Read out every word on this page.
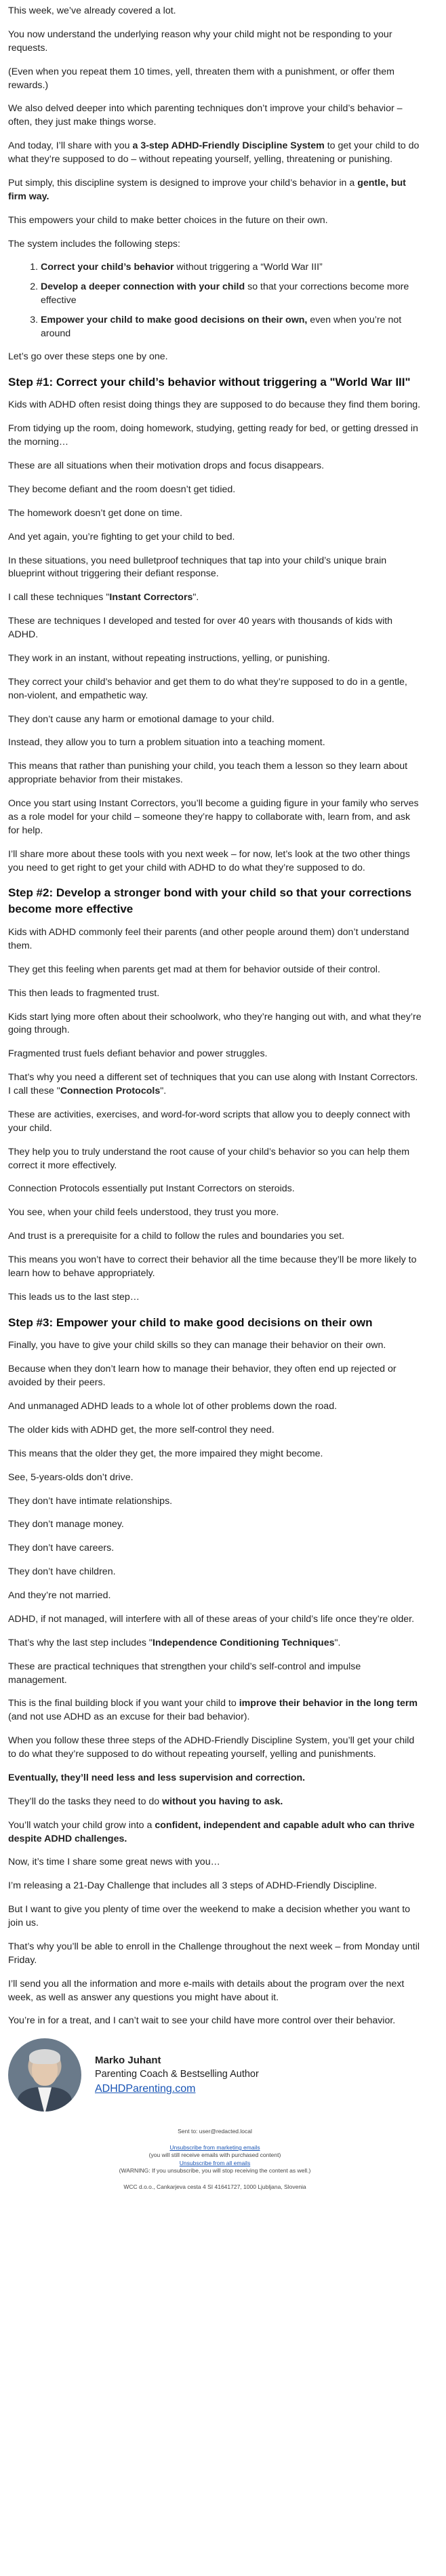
This week, we’ve already covered a lot.

You now understand the underlying reason why your child might not be responding to your requests.

(Even when you repeat them 10 times, yell, threaten them with a punishment, or offer them rewards.)

We also delved deeper into which parenting techniques don’t improve your child’s behavior – often, they just make things worse.

And today, I’ll share with you a 3-step ADHD-Friendly Discipline System to get your child to do what they’re supposed to do – without repeating yourself, yelling, threatening or punishing.

Put simply, this discipline system is designed to improve your child’s behavior in a gentle, but firm way.

This empowers your child to make better choices in the future on their own.

The system includes the following steps:

1. Correct your child’s behavior without triggering a “World War III”
2. Develop a deeper connection with your child so that your corrections become more effective
3. Empower your child to make good decisions on their own, even when you’re not around

Let’s go over these steps one by one.

Step #1: Correct your child’s behavior without triggering a "World War III"

Kids with ADHD often resist doing things they are supposed to do because they find them boring.

From tidying up the room, doing homework, studying, getting ready for bed, or getting dressed in the morning…

These are all situations when their motivation drops and focus disappears.

They become defiant and the room doesn’t get tidied.

The homework doesn’t get done on time.

And yet again, you’re fighting to get your child to bed.

In these situations, you need bulletproof techniques that tap into your child’s unique brain blueprint without triggering their defiant response.

I call these techniques "Instant Correctors".

These are techniques I developed and tested for over 40 years with thousands of kids with ADHD.

They work in an instant, without repeating instructions, yelling, or punishing.

They correct your child’s behavior and get them to do what they’re supposed to do in a gentle, non-violent, and empathetic way.

They don’t cause any harm or emotional damage to your child.

Instead, they allow you to turn a problem situation into a teaching moment.

This means that rather than punishing your child, you teach them a lesson so they learn about appropriate behavior from their mistakes.

Once you start using Instant Correctors, you’ll become a guiding figure in your family who serves as a role model for your child – someone they’re happy to collaborate with, learn from, and ask for help.

I’ll share more about these tools with you next week – for now, let’s look at the two other things you need to get right to get your child with ADHD to do what they’re supposed to do.

Step #2: Develop a stronger bond with your child so that your corrections become more effective

Kids with ADHD commonly feel their parents (and other people around them) don’t understand them.

They get this feeling when parents get mad at them for behavior outside of their control.

This then leads to fragmented trust.

Kids start lying more often about their schoolwork, who they’re hanging out with, and what they’re going through.

Fragmented trust fuels defiant behavior and power struggles.

That’s why you need a different set of techniques that you can use along with Instant Correctors. I call these "Connection Protocols".

These are activities, exercises, and word-for-word scripts that allow you to deeply connect with your child.

They help you to truly understand the root cause of your child’s behavior so you can help them correct it more effectively.

Connection Protocols essentially put Instant Correctors on steroids.

You see, when your child feels understood, they trust you more.

And trust is a prerequisite for a child to follow the rules and boundaries you set.

This means you won’t have to correct their behavior all the time because they’ll be more likely to learn how to behave appropriately.

This leads us to the last step…

Step #3: Empower your child to make good decisions on their own

Finally, you have to give your child skills so they can manage their behavior on their own.

Because when they don’t learn how to manage their behavior, they often end up rejected or avoided by their peers.

And unmanaged ADHD leads to a whole lot of other problems down the road.

The older kids with ADHD get, the more self-control they need.

This means that the older they get, the more impaired they might become.

See, 5-years-olds don’t drive.

They don’t have intimate relationships.

They don’t manage money.

They don’t have careers.

They don’t have children.

And they’re not married.

ADHD, if not managed, will interfere with all of these areas of your child’s life once they’re older.

That’s why the last step includes "Independence Conditioning Techniques".

These are practical techniques that strengthen your child’s self-control and impulse management.

This is the final building block if you want your child to improve their behavior in the long term (and not use ADHD as an excuse for their bad behavior).

When you follow these three steps of the ADHD-Friendly Discipline System, you’ll get your child to do what they’re supposed to do without repeating yourself, yelling and punishments.

Eventually, they’ll need less and less supervision and correction.

They’ll do the tasks they need to do without you having to ask.

You’ll watch your child grow into a confident, independent and capable adult who can thrive despite ADHD challenges.

Now, it’s time I share some great news with you…

I’m releasing a 21-Day Challenge that includes all 3 steps of ADHD-Friendly Discipline.

But I want to give you plenty of time over the weekend to make a decision whether you want to join us.

That’s why you’ll be able to enroll in the Challenge throughout the next week – from Monday until Friday.

I’ll send you all the information and more e-mails with details about the program over the next week, as well as answer any questions you might have about it.

You’re in for a treat, and I can’t wait to see your child have more control over their behavior.

Marko Juhant
Parenting Coach & Bestselling Author
ADHDParenting.com
Sent to: user@redacted.local
Unsubscribe from marketing emails
(you will still receive emails with purchased content)
Unsubscribe from all emails
(WARNING: If you unsubscribe, you will stop receiving the content as well.)
WCC d.o.o., Cankarjeva cesta 4 SI 41641727, 1000 Ljubljana, Slovenia
